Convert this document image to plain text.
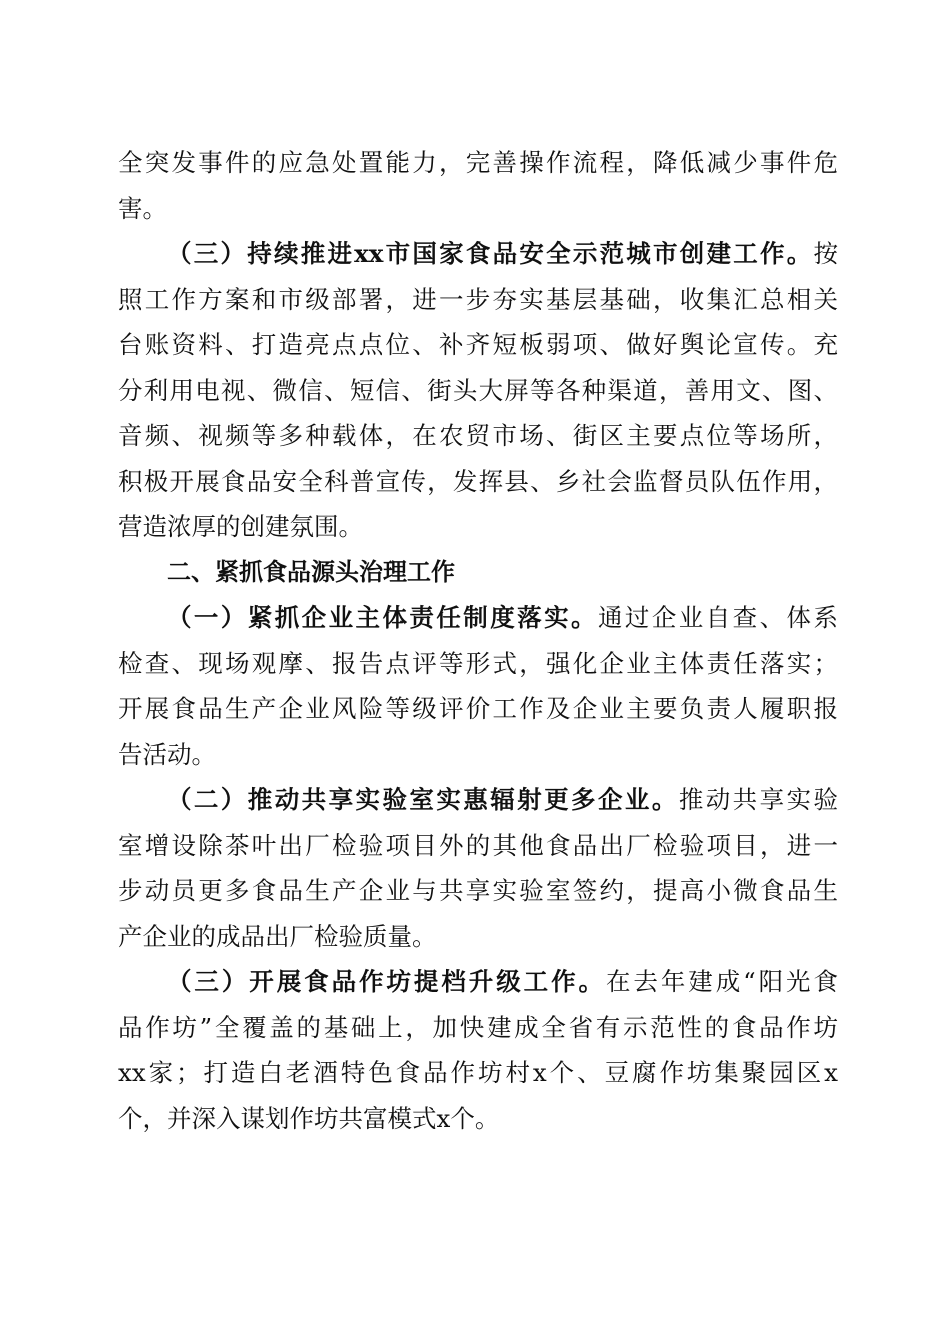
全突发事件的应急处置能力，完善操作流程，降低减少事件危
害。
（三）持续推进xx市国家食品安全示范城市创建工作。按
照工作方案和市级部署，进一步夯实基层基础，收集汇总相关
台账资料、打造亮点点位、补齐短板弱项、做好舆论宣传。充
分利用电视、微信、短信、街头大屏等各种渠道，善用文、图、
音频、视频等多种载体，在农贸市场、街区主要点位等场所，
积极开展食品安全科普宣传，发挥县、乡社会监督员队伍作用，
营造浓厚的创建氛围。
二、紧抓食品源头治理工作
（一）紧抓企业主体责任制度落实。通过企业自查、体系
检查、现场观摩、报告点评等形式，强化企业主体责任落实；
开展食品生产企业风险等级评价工作及企业主要负责人履职报
告活动。
（二）推动共享实验室实惠辐射更多企业。推动共享实验
室增设除茶叶出厂检验项目外的其他食品出厂检验项目，进一
步动员更多食品生产企业与共享实验室签约，提高小微食品生
产企业的成品出厂检验质量。
（三）开展食品作坊提档升级工作。在去年建成“阳光食
品作坊”全覆盖的基础上，加快建成全省有示范性的食品作坊
xx家；打造白老酒特色食品作坊村x个、豆腐作坊集聚园区x
个，并深入谋划作坊共富模式x个。
